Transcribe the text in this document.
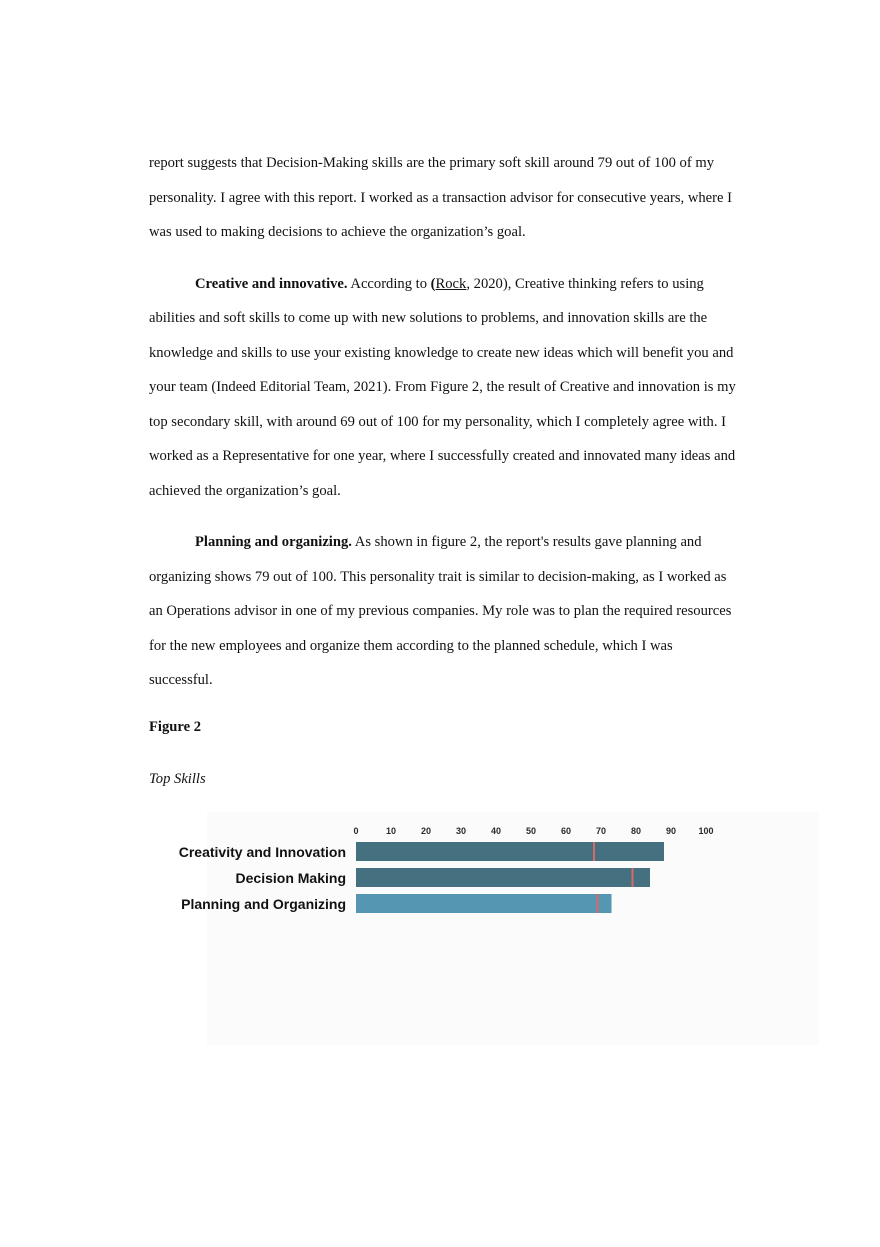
report suggests that Decision-Making skills are the primary soft skill around 79 out of 100 of my personality. I agree with this report. I worked as a transaction advisor for consecutive years, where I was used to making decisions to achieve the organization’s goal.

Creative and innovative. According to (Rock, 2020), Creative thinking refers to using abilities and soft skills to come up with new solutions to problems, and innovation skills are the knowledge and skills to use your existing knowledge to create new ideas which will benefit you and your team (Indeed Editorial Team, 2021). From Figure 2, the result of Creative and innovation is my top secondary skill, with around 69 out of 100 for my personality, which I completely agree with. I worked as a Representative for one year, where I successfully created and innovated many ideas and achieved the organization’s goal.

Planning and organizing. As shown in figure 2, the report's results gave planning and organizing shows 79 out of 100. This personality trait is similar to decision-making, as I worked as an Operations advisor in one of my previous companies. My role was to plan the required resources for the new employees and organize them according to the planned schedule, which I was successful.

Figure 2

Top Skills

0	10	20	30	40	50	60	70	80	90 100
Creativity and Innovation
Decision Making
Planning and Organizing
